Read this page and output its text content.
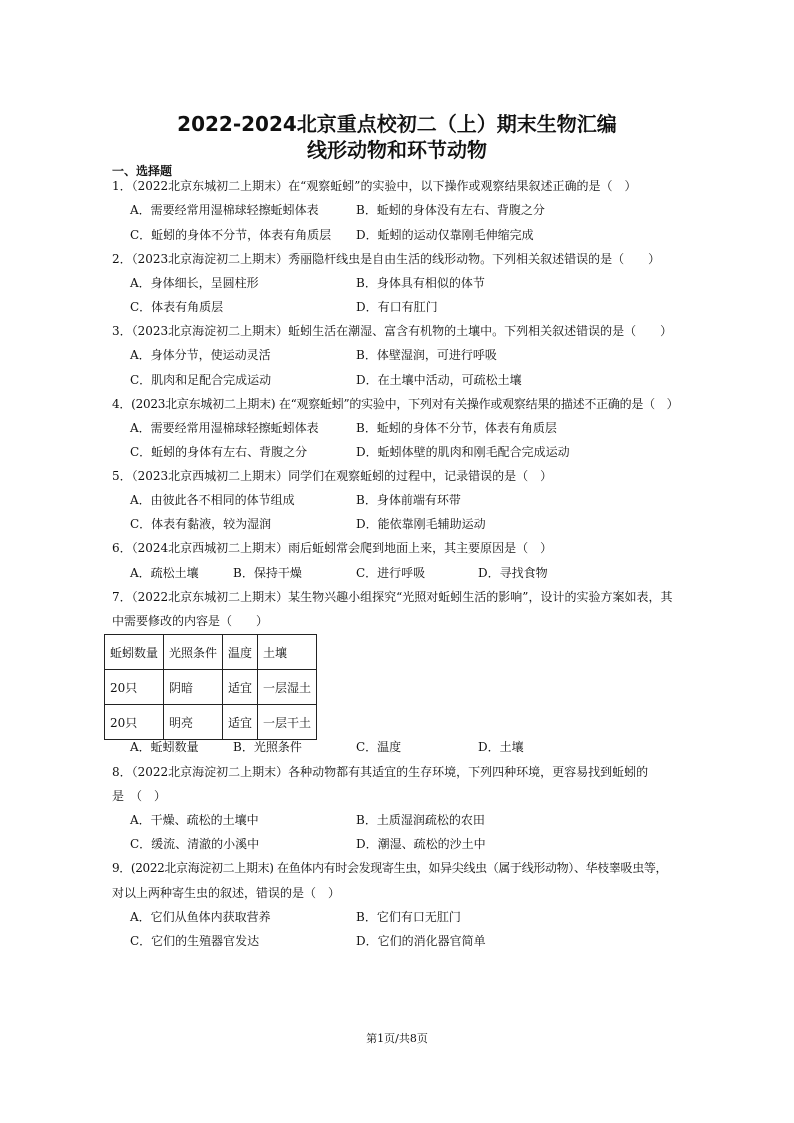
2022-2024北京重点校初二（上）期末生物汇编
线形动物和环节动物
一、选择题
1．（2022北京东城初二上期末）在“观察蚯蚓”的实验中，以下操作或观察结果叙述正确的是（　）
A．需要经常用湿棉球轻擦蚯蚓体表	B．蚯蚓的身体没有左右、背腹之分
C．蚯蚓的身体不分节，体表有角质层 D．蚯蚓的运动仅靠刚毛伸缩完成
2．（2023北京海淀初二上期末）秀丽隐杆线虫是自由生活的线形动物。下列相关叙述错误的是（　　）
A．身体细长，呈圆柱形	B．身体具有相似的体节
C．体表有角质层	D．有口有肛门
3．（2023北京海淀初二上期末）蚯蚓生活在潮湿、富含有机物的土壤中。下列相关叙述错误的是（　　）
A．身体分节，使运动灵活	B．体壁湿润，可进行呼吸
C．肌肉和足配合完成运动	D．在土壤中活动，可疏松土壤
4．(2023北京东城初二上期末) 在“观察蚯蚓”的实验中，下列对有关操作或观察结果的描述不正确的是（　）
A．需要经常用湿棉球轻擦蚯蚓体表	B．蚯蚓的身体不分节，体表有角质层
C．蚯蚓的身体有左右、背腹之分	D．蚯蚓体壁的肌肉和刚毛配合完成运动
5．（2023北京西城初二上期末）同学们在观察蚯蚓的过程中，记录错误的是（　）
A．由彼此各不相同的体节组成	B．身体前端有环带
C．体表有黏液，较为湿润	D．能依靠刚毛辅助运动
6．（2024北京西城初二上期末）雨后蚯蚓常会爬到地面上来，其主要原因是（　）
A．疏松土壤	B．保持干燥	C．进行呼吸	D．寻找食物
7．（2022北京东城初二上期末）某生物兴趣小组探究“光照对蚯蚓生活的影响”，设计的实验方案如表，其
中需要修改的内容是（　　）
蚯蚓数量	光照条件	温度	土壤
20只	阴暗	适宜	一层湿土
20只	明亮	适宜	一层干土
A．蚯蚓数量	B．光照条件	C．温度	D．土壤
8．（2022北京海淀初二上期末）各种动物都有其适宜的生存环境，下列四种环境，更容易找到蚯蚓的
是　（　）
A．干燥、疏松的土壤中	B．土质湿润疏松的农田
C．缓流、清澈的小溪中	D．潮湿、疏松的沙土中
9．(2022北京海淀初二上期末) 在鱼体内有时会发现寄生虫，如异尖线虫（属于线形动物）、华枝睾吸虫等，
对以上两种寄生虫的叙述，错误的是（　）
A．它们从鱼体内获取营养	B．它们有口无肛门
C．它们的生殖器官发达	D．它们的消化器官简单
第1页/共8页
